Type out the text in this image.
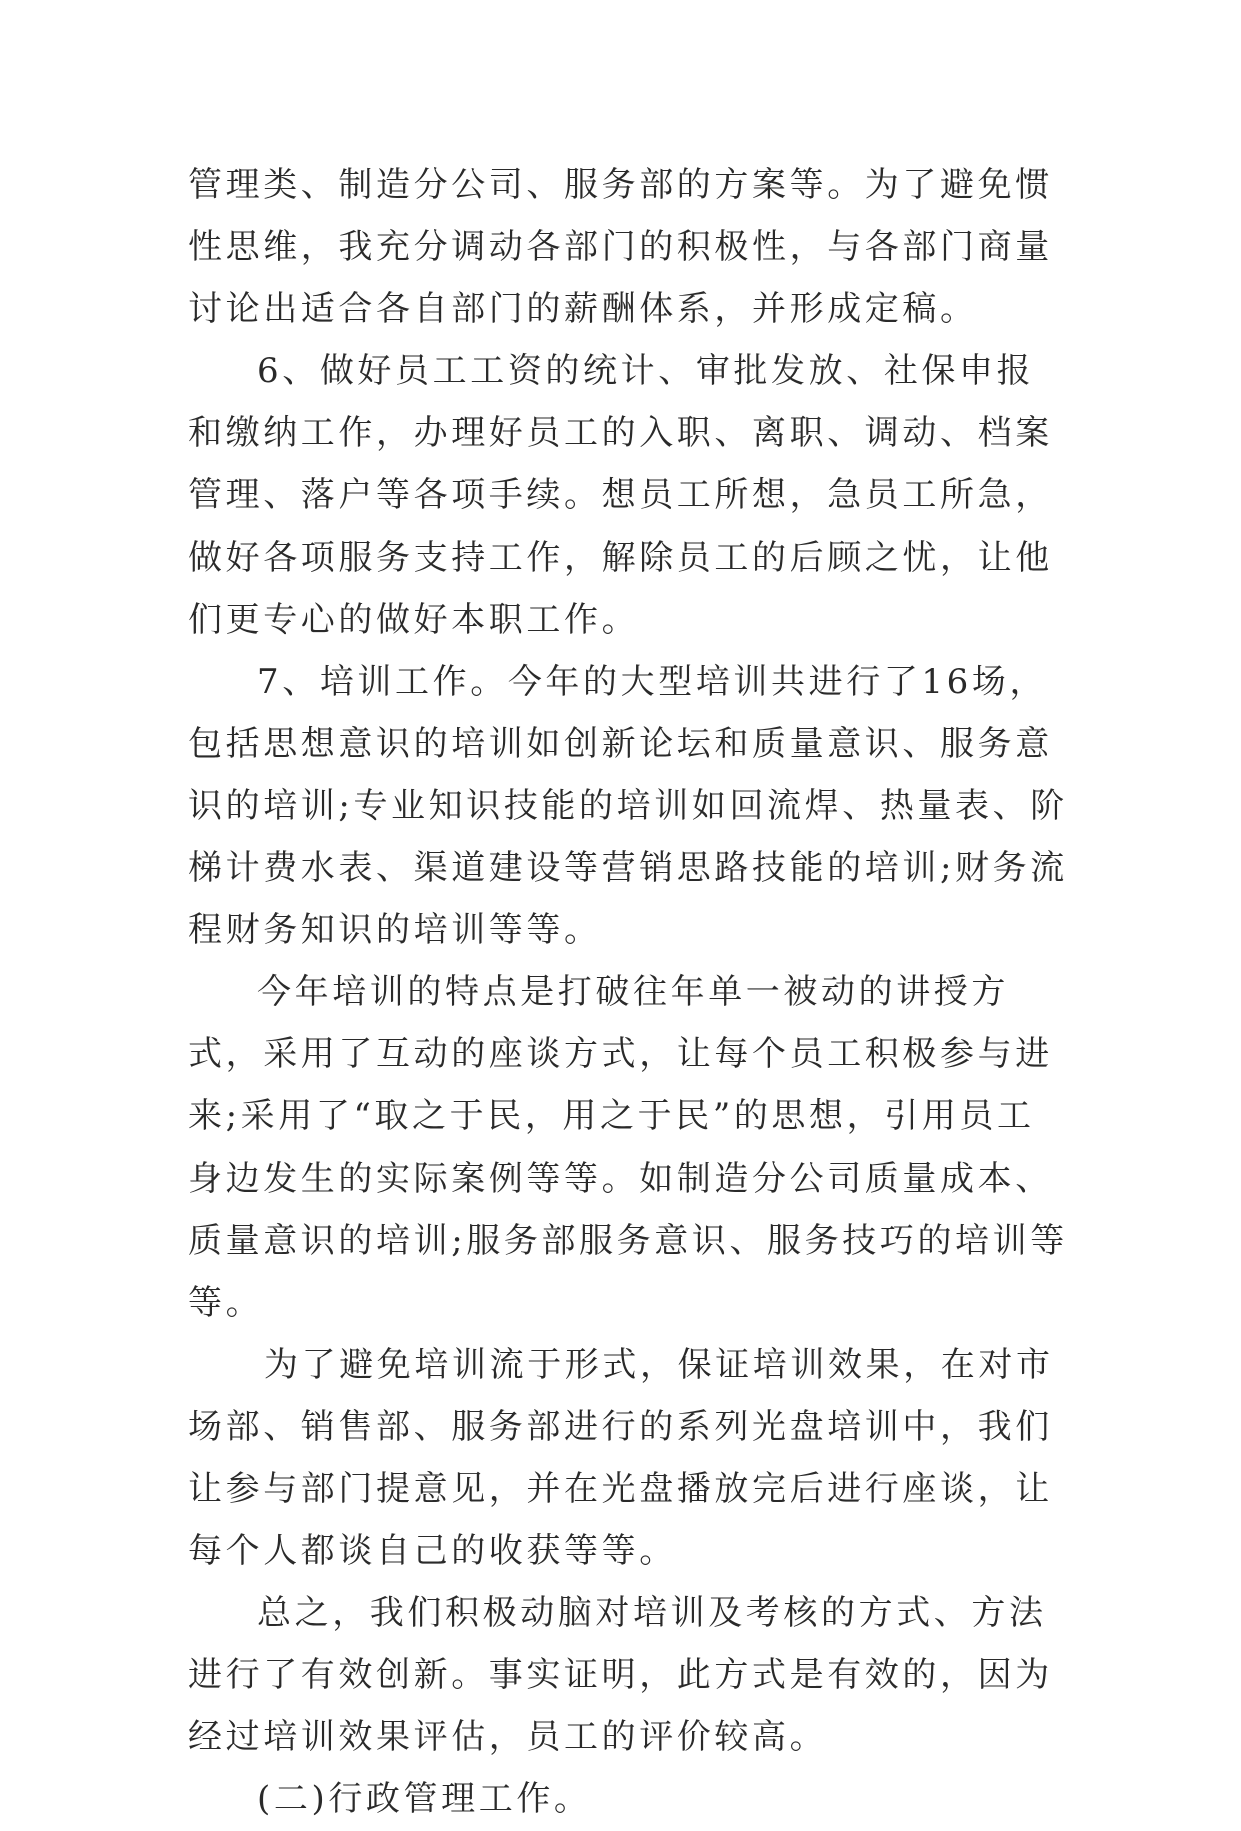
管理类、制造分公司、服务部的方案等。为了避免惯性思维，我充分调动各部门的积极性，与各部门商量讨论出适合各自部门的薪酬体系，并形成定稿。

6、做好员工工资的统计、审批发放、社保申报和缴纳工作，办理好员工的入职、离职、调动、档案管理、落户等各项手续。想员工所想，急员工所急，做好各项服务支持工作，解除员工的后顾之忧，让他们更专心的做好本职工作。

7、培训工作。今年的大型培训共进行了16场，包括思想意识的培训如创新论坛和质量意识、服务意识的培训;专业知识技能的培训如回流焊、热量表、阶梯计费水表、渠道建设等营销思路技能的培训;财务流程财务知识的培训等等。

今年培训的特点是打破往年单一被动的讲授方式，采用了互动的座谈方式，让每个员工积极参与进来;采用了“取之于民，用之于民”的思想，引用员工身边发生的实际案例等等。如制造分公司质量成本、质量意识的培训;服务部服务意识、服务技巧的培训等等。

为了避免培训流于形式，保证培训效果，在对市场部、销售部、服务部进行的系列光盘培训中，我们让参与部门提意见，并在光盘播放完后进行座谈，让每个人都谈自己的收获等等。

总之，我们积极动脑对培训及考核的方式、方法进行了有效创新。事实证明，此方式是有效的，因为经过培训效果评估，员工的评价较高。

(二)行政管理工作。
